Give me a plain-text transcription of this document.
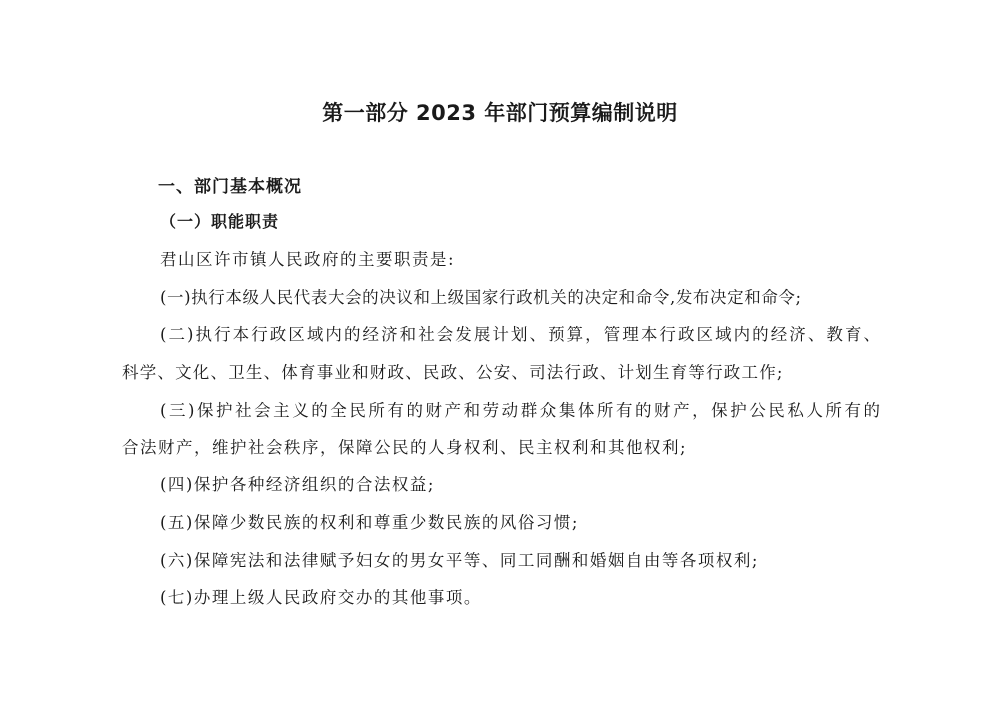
第一部分 2023 年部门预算编制说明
一、部门基本概况
（一）职能职责
君山区许市镇人民政府的主要职责是:
(一)执行本级人民代表大会的决议和上级国家行政机关的决定和命令,发布决定和命令;
(二)执行本行政区域内的经济和社会发展计划、预算，管理本行政区域内的经济、教育、
科学、文化、卫生、体育事业和财政、民政、公安、司法行政、计划生育等行政工作;
(三)保护社会主义的全民所有的财产和劳动群众集体所有的财产，保护公民私人所有的
合法财产，维护社会秩序，保障公民的人身权利、民主权利和其他权利;
(四)保护各种经济组织的合法权益;
(五)保障少数民族的权利和尊重少数民族的风俗习惯;
(六)保障宪法和法律赋予妇女的男女平等、同工同酬和婚姻自由等各项权利;
(七)办理上级人民政府交办的其他事项。
